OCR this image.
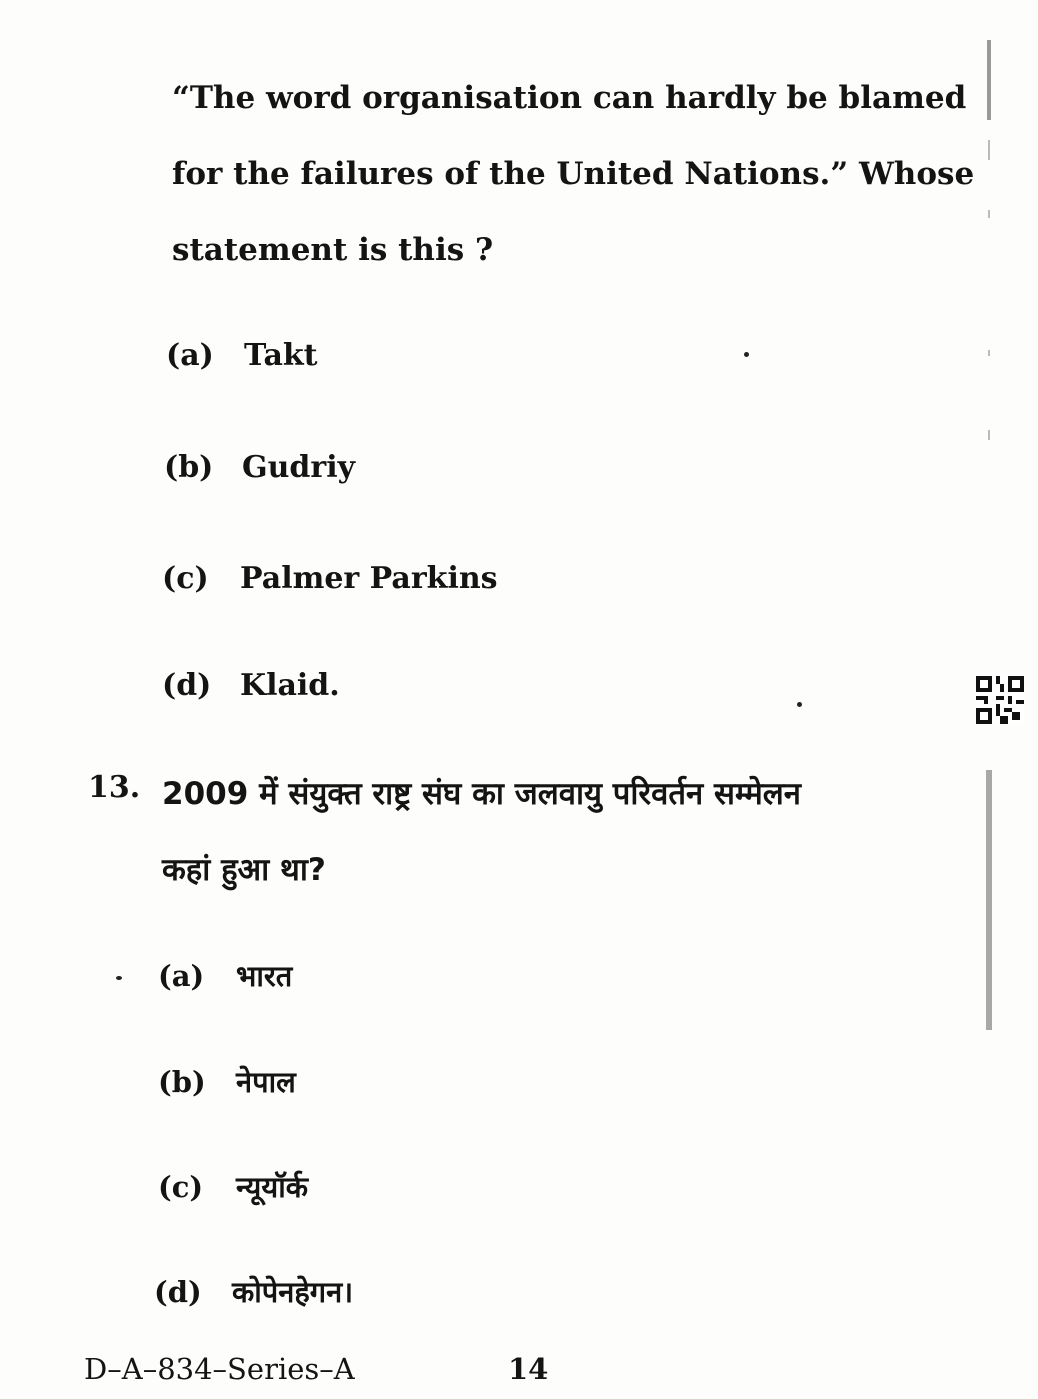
“The word organisation can hardly be blamed
for the failures of the United Nations.” Whose
statement is this ?
(a) Takt
(b) Gudriy
(c) Palmer Parkins
(d) Klaid.
13. 2009 में संयुक्त राष्ट्र संघ का जलवायु परिवर्तन सम्मेलन
कहां हुआ था?
(a) भारत
(b) नेपाल
(c) न्यूयॉर्क
(d) कोपेनहेगन।
D–A–834–Series–A	14
